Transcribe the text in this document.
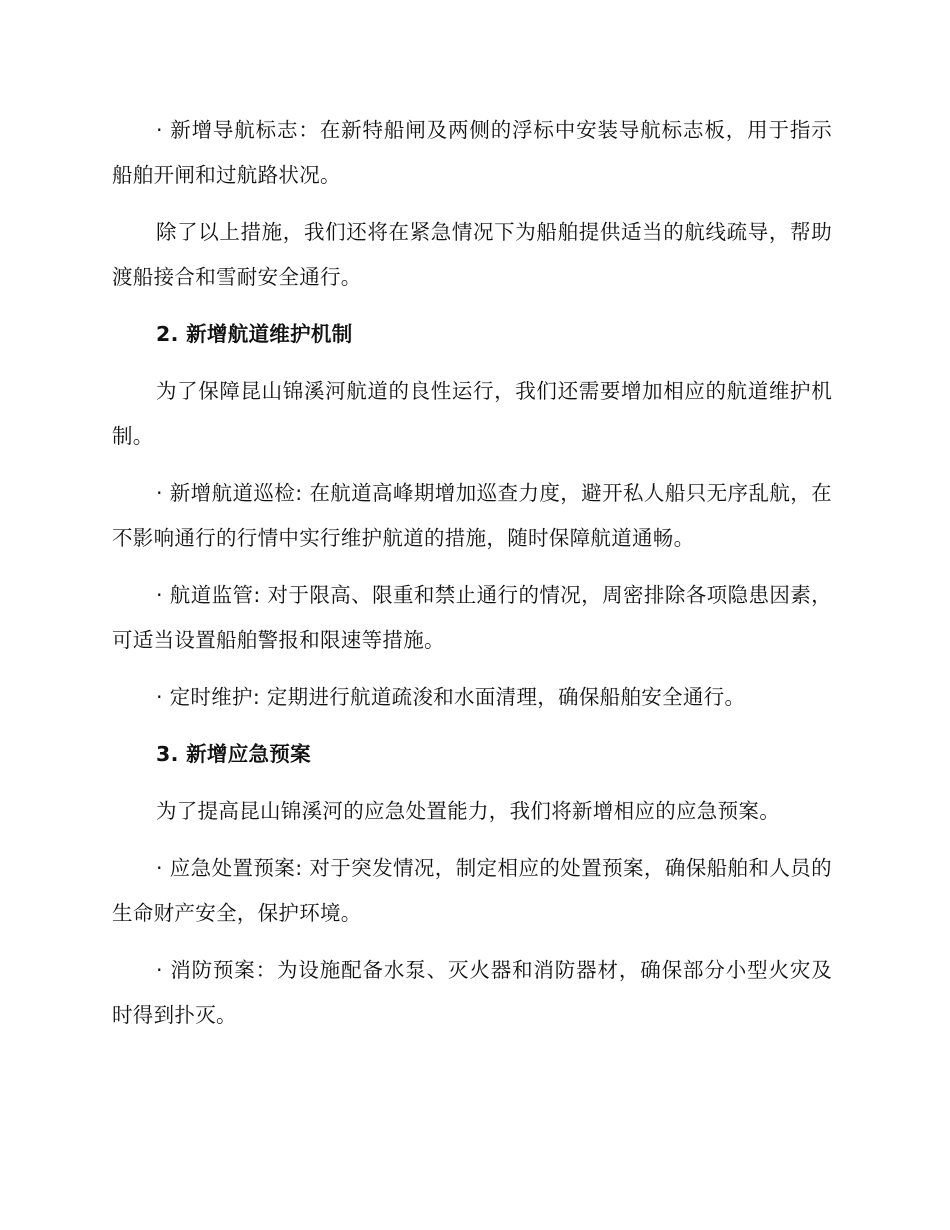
· 新增导航标志：在新特船闸及两侧的浮标中安装导航标志板，用于指示船舶开闸和过航路状况。

除了以上措施，我们还将在紧急情况下为船舶提供适当的航线疏导，帮助渡船接合和雪耐安全通行。

2. 新增航道维护机制

为了保障昆山锦溪河航道的良性运行，我们还需要增加相应的航道维护机制。

· 新增航道巡检: 在航道高峰期增加巡查力度，避开私人船只无序乱航，在不影响通行的行情中实行维护航道的措施，随时保障航道通畅。

· 航道监管: 对于限高、限重和禁止通行的情况，周密排除各项隐患因素，可适当设置船舶警报和限速等措施。

· 定时维护: 定期进行航道疏浚和水面清理，确保船舶安全通行。

3. 新增应急预案

为了提高昆山锦溪河的应急处置能力，我们将新增相应的应急预案。

· 应急处置预案: 对于突发情况，制定相应的处置预案，确保船舶和人员的生命财产安全，保护环境。

· 消防预案：为设施配备水泵、灭火器和消防器材，确保部分小型火灾及时得到扑灭。
